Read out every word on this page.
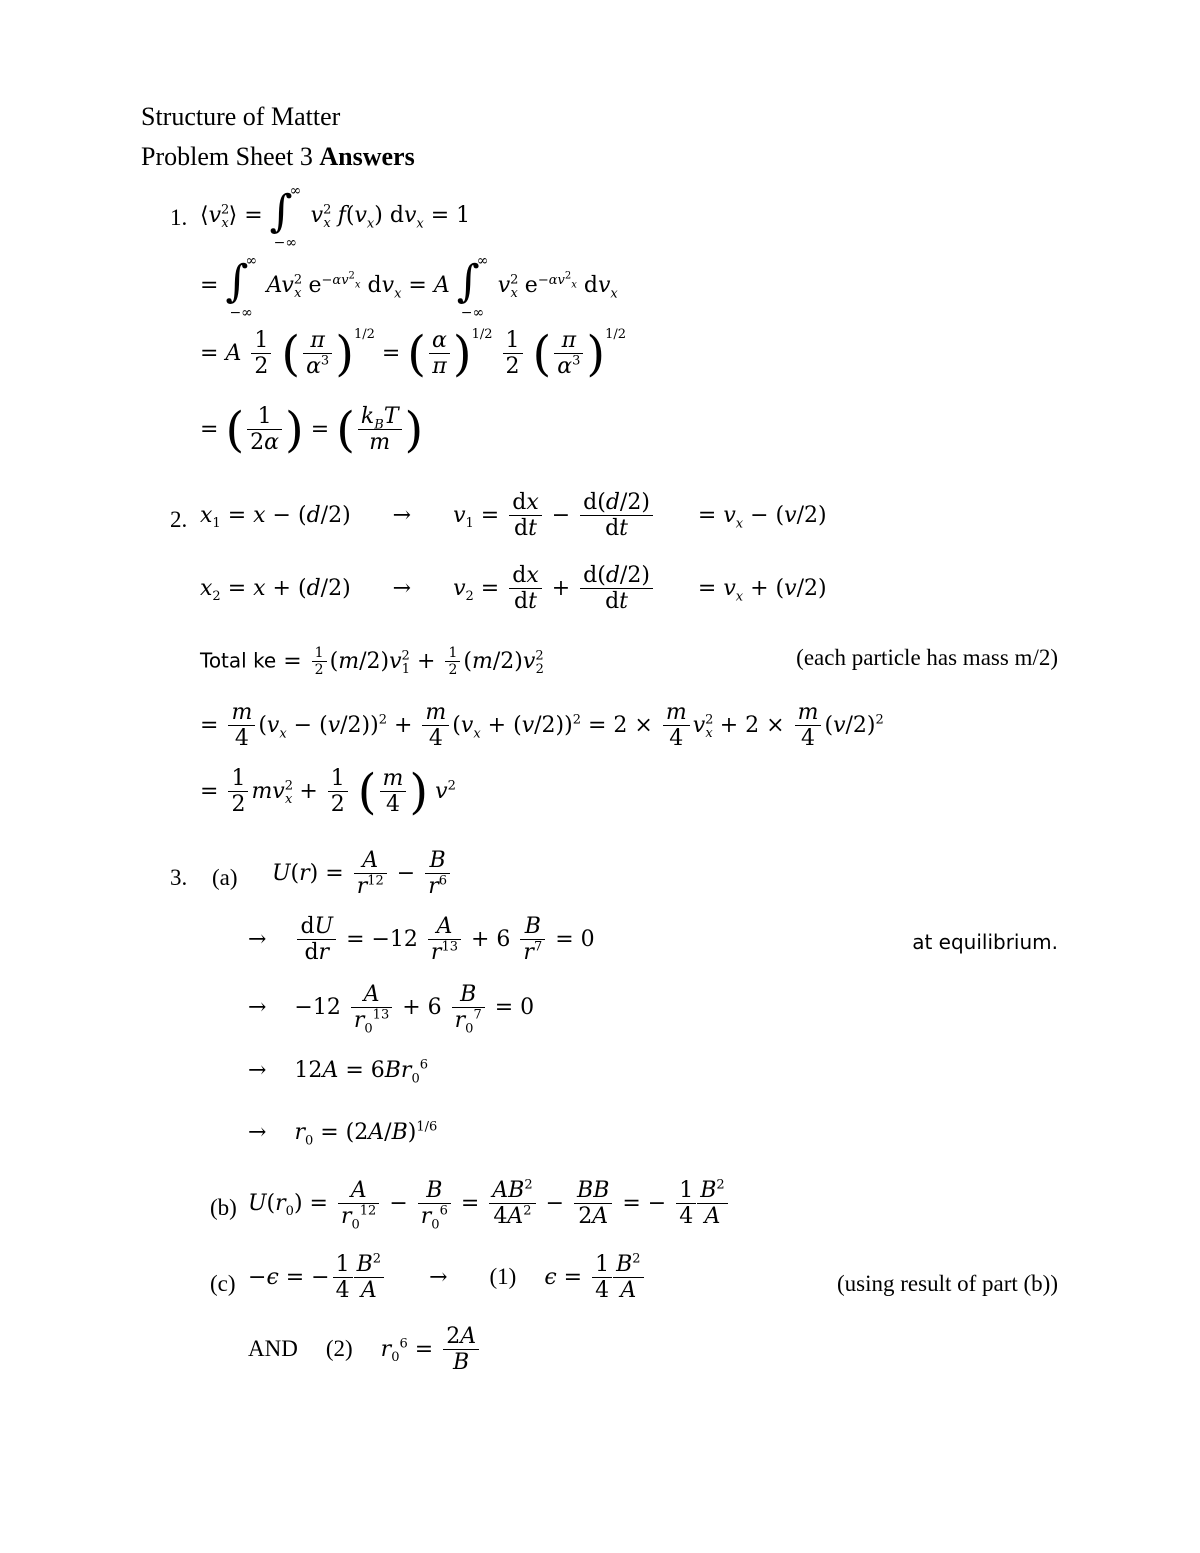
Structure of Matter
Problem Sheet 3 Answers
1. $⟨v^2_x⟩$ = ∫
∞
−∞
$v^2_x$ $f(v_x) dv_x = 1$
= ∫
∞
−∞
$Av^2_x$ $e^{-\alpha v^2_x}$ $dv_x = A$ ∫
∞
−∞
$v^2_x$ $e^{-\alpha v^2_x}$ $dv_x$
= A $\frac{1}{2}$ ( $\frac{\pi}{\alpha^3} )^{1/2}$ = ( $\frac{\alpha}{\pi} )^{1/2} \frac{1}{2}$ ( $\frac{\pi}{\alpha^3} )^{1/2}$
= ( $\frac{1}{2\alpha}$ ) = ( $\frac{k_BT}{m}$ )
2. $x_1 = x - (d/2) \to v_1 = \frac{dx}{dt} - \frac{d(d/2)}{dt} = v_x - (v/2)$
$x_2 = x + (d/2) \to v_2 = \frac{dx}{dt} + \frac{d(d/2)}{dt} = v_x + (v/2)$
Total ke = $\frac{1}{2} (m/2)v^2_1 + \frac{1}{2} (m/2)v^2_2$	(each particle has mass m/2)
= $\frac{m}{4} (v_x - (v/2))^2 + \frac{m}{4} (v_x + (v/2))^2 = 2 \times \frac{m}{4} v^2_x + 2 \times \frac{m}{4} (v/2)^2$
= $\frac{1}{2} mv^2_x + \frac{1}{2}$ ( $\frac{m}{4}$ ) $v^2$
3. (a) $U(r) = \frac{A}{r^{12}} - \frac{B}{r^6}$
→ $\frac{dU}{dr} = -12 \frac{A}{r^{13}} + 6 \frac{B}{r^7} = 0$	at equilibrium.
→  $-12 \frac{A}{r_0^{13}} + 6 \frac{B}{r_0^7} = 0$
→  $12A = 6Br_0^6$
→  $r_0 = (2A/B)^{1/6}$
(b) $U(r_0) = \frac{A}{r_0^{12}} - \frac{B}{r_0^6} = \frac{AB^2}{4A^2} - \frac{BB}{2A}$ = − $\frac{1}{4} \frac{B^2}{A}$
(c) −ϵ = − $\frac{1}{4} \frac{B^2}{A} \to (1) \epsilon = \frac{1}{4} \frac{B^2}{A}$	(using result of part (b))
AND (2) $r_0^6 = \frac{2A}{B}$
